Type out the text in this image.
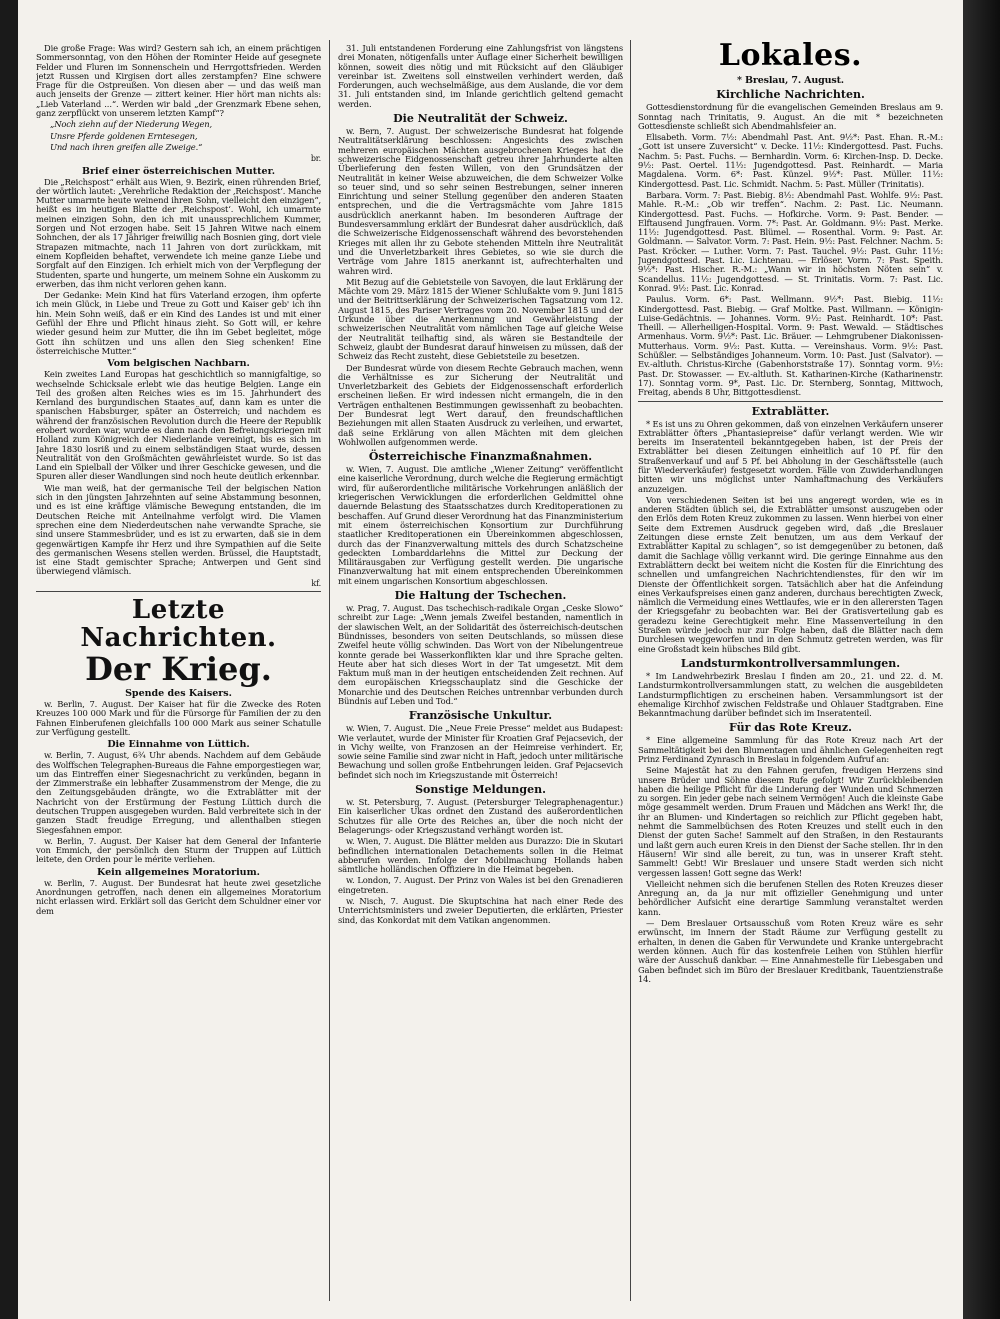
Die große Frage: Was wird? Gestern sah ich, an einem prächtigen Sommersonntag, von den Höhen der Rominter Heide auf gesegnete Felder und Fluren im Sonnenschein und Herrgottsfrieden. Werden jetzt Russen und Kirgisen dort alles zerstampfen? Eine schwere Frage für die Ostpreußen. Von diesen aber — und das weiß man auch jenseits der Grenze — zittert keiner. Hier hört man nichts als: „Lieb Vaterland ...“. Werden wir bald „der Grenzmark Ebene sehen, ganz zerpflückt von unserem letzten Kampf“?

„Noch ziehn auf der Niederung Wegen,

Unsre Pferde goldenen Erntesegen,

Und nach ihren greifen alle Zweige.“

br.

Brief einer österreichischen Mutter.

Die „Reichspost“ erhält aus Wien, 9. Bezirk, einen rührenden Brief, der wörtlich lautet: „Verehrliche Redaktion der ‚Reichspost‘. Manche Mutter umarmte heute weinend ihren Sohn, vielleicht den einzigen“, heißt es im heutigen Blatte der ‚Reichspost‘. Wohl, ich umarmte meinen einzigen Sohn, den ich mit unaussprechlichem Kummer, Sorgen und Not erzogen habe. Seit 15 Jahren Witwe nach einem Sohnchen, der als 17 Jähriger freiwillig nach Bosnien ging, dort viele Strapazen mitmachte, nach 11 Jahren von dort zurückkam, mit einem Kopfleiden behaftet, verwendete ich meine ganze Liebe und Sorgfalt auf den Einzigen. Ich erhielt mich von der Verpflegung der Studenten, sparte und hungerte, um meinem Sohne ein Auskomm zu erwerben, das ihm nicht verloren gehen kann.

Der Gedanke: Mein Kind hat fürs Vaterland erzogen, ihm opferte ich mein Glück, in Liebe und Treue zu Gott und Kaiser geb' ich ihn hin. Mein Sohn weiß, daß er ein Kind des Landes ist und mit einer Gefühl der Ehre und Pflicht hinaus zieht. So Gott will, er kehre wieder gesund heim zur Mutter, die ihn im Gebet begleitet, möge Gott ihn schützen und uns allen den Sieg schenken! Eine österreichische Mutter.“

Vom belgischen Nachbarn.

Kein zweites Land Europas hat geschichtlich so mannigfaltige, so wechselnde Schicksale erlebt wie das heutige Belgien. Lange ein Teil des großen alten Reiches wies es im 15. Jahrhundert des Kernland des burgundischen Staates auf, dann kam es unter die spanischen Habsburger, später an Österreich; und nachdem es während der französischen Revolution durch die Heere der Republik erobert worden war, wurde es dann nach den Befreiungskriegen mit Holland zum Königreich der Niederlande vereinigt, bis es sich im Jahre 1830 losriß und zu einem selbständigen Staat wurde, dessen Neutralität von den Großmächten gewährleistet wurde. So ist das Land ein Spielball der Völker und ihrer Geschicke gewesen, und die Spuren aller dieser Wandlungen sind noch heute deutlich erkennbar.

Wie man weiß, hat der germanische Teil der belgischen Nation sich in den jüngsten Jahrzehnten auf seine Abstammung besonnen, und es ist eine kräftige vlämische Bewegung entstanden, die im Deutschen Reiche mit Anteilnahme verfolgt wird. Die Vlamen sprechen eine dem Niederdeutschen nahe verwandte Sprache, sie sind unsere Stammesbrüder, und es ist zu erwarten, daß sie in dem gegenwärtigen Kampfe ihr Herz und ihre Sympathien auf die Seite des germanischen Wesens stellen werden. Brüssel, die Hauptstadt, ist eine Stadt gemischter Sprache; Antwerpen und Gent sind überwiegend vlämisch.

kf.

Letzte Nachrichten.
Der Krieg.
Spende des Kaisers.

w. Berlin, 7. August. Der Kaiser hat für die Zwecke des Roten Kreuzes 100 000 Mark und für die Fürsorge für Familien der zu den Fahnen Einberufenen gleichfalls 100 000 Mark aus seiner Schatulle zur Verfügung gestellt.

Die Einnahme von Lüttich.

w. Berlin, 7. August, 6¾ Uhr abends. Nachdem auf dem Gebäude des Wolffschen Telegraphen-Bureaus die Fahne emporgestiegen war, um das Eintreffen einer Siegesnachricht zu verkünden, begann in der Zimmerstraße ein lebhafter Zusammenstrom der Menge, die zu den Zeitungsgebäuden drängte, wo die Extrablätter mit der Nachricht von der Erstürmung der Festung Lüttich durch die deutschen Truppen ausgegeben wurden. Bald verbreitete sich in der ganzen Stadt freudige Erregung, und allenthalben stiegen Siegesfahnen empor.

w. Berlin, 7. August. Der Kaiser hat dem General der Infanterie von Emmich, der persönlich den Sturm der Truppen auf Lüttich leitete, den Orden pour le mérite verliehen.

Kein allgemeines Moratorium.

w. Berlin, 7. August. Der Bundesrat hat heute zwei gesetzliche Anordnungen getroffen, nach denen ein allgemeines Moratorium nicht erlassen wird. Erklärt soll das Gericht dem Schuldner einer vor dem

31. Juli entstandenen Forderung eine Zahlungsfrist von längstens drei Monaten, nötigenfalls unter Auflage einer Sicherheit bewilligen können, soweit dies nötig und mit Rücksicht auf den Gläubiger vereinbar ist. Zweitens soll einstweilen verhindert werden, daß Forderungen, auch wechselmäßige, aus dem Auslande, die vor dem 31. Juli entstanden sind, im Inlande gerichtlich geltend gemacht werden.

Die Neutralität der Schweiz.

w. Bern, 7. August. Der schweizerische Bundesrat hat folgende Neutralitätserklärung beschlossen: Angesichts des zwischen mehreren europäischen Mächten ausgebrochenen Krieges hat die schweizerische Eidgenossenschaft getreu ihrer Jahrhunderte alten Überlieferung den festen Willen, von den Grundsätzen der Neutralität in keiner Weise abzuweichen, die dem Schweizer Volke so teuer sind, und so sehr seinen Bestrebungen, seiner inneren Einrichtung und seiner Stellung gegenüber den anderen Staaten entsprechen, und die die Vertragsmächte vom Jahre 1815 ausdrücklich anerkannt haben. Im besonderen Auftrage der Bundesversammlung erklärt der Bundesrat daher ausdrücklich, daß die Schweizerische Eidgenossenschaft während des bevorstehenden Krieges mit allen ihr zu Gebote stehenden Mitteln ihre Neutralität und die Unverletzbarkeit ihres Gebietes, so wie sie durch die Verträge vom Jahre 1815 anerkannt ist, aufrechterhalten und wahren wird.

Mit Bezug auf die Gebietsteile von Savoyen, die laut Erklärung der Mächte vom 29. März 1815 der Wiener Schlußakte vom 9. Juni 1815 und der Beitrittserklärung der Schweizerischen Tagsatzung vom 12. August 1815, des Pariser Vertrages vom 20. November 1815 und der Urkunde über die Anerkennung und Gewährleistung der schweizerischen Neutralität vom nämlichen Tage auf gleiche Weise der Neutralität teilhaftig sind, als wären sie Bestandteile der Schweiz, glaubt der Bundesrat darauf hinweisen zu müssen, daß der Schweiz das Recht zusteht, diese Gebietsteile zu besetzen.

Der Bundesrat würde von diesem Rechte Gebrauch machen, wenn die Verhältnisse es zur Sicherung der Neutralität und Unverletzbarkeit des Gebiets der Eidgenossenschaft erforderlich erscheinen ließen. Er wird indessen nicht ermangeln, die in den Verträgen enthaltenen Bestimmungen gewissenhaft zu beobachten. Der Bundesrat legt Wert darauf, den freundschaftlichen Beziehungen mit allen Staaten Ausdruck zu verleihen, und erwartet, daß seine Erklärung von allen Mächten mit dem gleichen Wohlwollen aufgenommen werde.

Österreichische Finanzmaßnahmen.

w. Wien, 7. August. Die amtliche „Wiener Zeitung“ veröffentlicht eine kaiserliche Verordnung, durch welche die Regierung ermächtigt wird, für außerordentliche militärische Vorkehrungen anläßlich der kriegerischen Verwicklungen die erforderlichen Geldmittel ohne dauernde Belastung des Staatsschatzes durch Kreditoperationen zu beschaffen. Auf Grund dieser Verordnung hat das Finanzministerium mit einem österreichischen Konsortium zur Durchführung staatlicher Kreditoperationen ein Übereinkommen abgeschlossen, durch das der Finanzverwaltung mittels des durch Schatzscheine gedeckten Lombarddarlehns die Mittel zur Deckung der Militärausgaben zur Verfügung gestellt werden. Die ungarische Finanzverwaltung hat mit einem entsprechenden Übereinkommen mit einem ungarischen Konsortium abgeschlossen.

Die Haltung der Tschechen.

w. Prag, 7. August. Das tschechisch-radikale Organ „Ceske Slowo“ schreibt zur Lage: „Wenn jemals Zweifel bestanden, namentlich in der slawischen Welt, an der Solidarität des österreichisch-deutschen Bündnisses, besonders von seiten Deutschlands, so müssen diese Zweifel heute völlig schwinden. Das Wort von der Nibelungentreue konnte gerade bei Wasserkonflikten klar und ihre Sprache gelten. Heute aber hat sich dieses Wort in der Tat umgesetzt. Mit dem Faktum muß man in der heutigen entscheidenden Zeit rechnen. Auf dem europäischen Kriegsschauplatz sind die Geschicke der Monarchie und des Deutschen Reiches untrennbar verbunden durch Bündnis auf Leben und Tod.“

Französische Unkultur.

w. Wien, 7. August. Die „Neue Freie Presse“ meldet aus Budapest: Wie verlautet, wurde der Minister für Kroatien Graf Pejacsevich, der in Vichy weilte, von Franzosen an der Heimreise verhindert. Er, sowie seine Familie sind zwar nicht in Haft, jedoch unter militärische Bewachung und sollen große Entbehrungen leiden. Graf Pejacsevich befindet sich noch im Kriegszustande mit Österreich!

Sonstige Meldungen.

w. St. Petersburg, 7. August. (Petersburger Telegraphenagentur.) Ein kaiserlicher Ukas ordnet den Zustand des außerordentlichen Schutzes für alle Orte des Reiches an, über die noch nicht der Belagerungs- oder Kriegszustand verhängt worden ist.

w. Wien, 7. August. Die Blätter melden aus Durazzo: Die in Skutari befindlichen internationalen Detachements sollen in die Heimat abberufen werden. Infolge der Mobilmachung Hollands haben sämtliche holländischen Offiziere in die Heimat begeben.

w. London, 7. August. Der Prinz von Wales ist bei den Grenadieren eingetreten.

w. Nisch, 7. August. Die Skuptschina hat nach einer Rede des Unterrichtsministers und zweier Deputierten, die erklärten, Priester sind, das Konkordat mit dem Vatikan angenommen.

Lokales.

* Breslau, 7. August.

Kirchliche Nachrichten.

Gottesdienstordnung für die evangelischen Gemeinden Breslaus am 9. Sonntag nach Trinitatis, 9. August. An die mit * bezeichneten Gottesdienste schließt sich Abendmahlsfeier an.

Elisabeth. Vorm. 7½: Abendmahl Past. Ant. 9½*: Past. Ehan. R.-M.: „Gott ist unsere Zuversicht“ v. Decke. 11½: Kindergottesd. Past. Fuchs. Nachm. 5: Past. Fuchs. — Bernhardin. Vorm. 6: Kirchen-Insp. D. Decke. 9½: Past. Oertel. 11½: Jugendgottesd. Past. Reinhardt. — Maria Magdalena. Vorm. 6*: Past. Künzel. 9½*: Past. Müller. 11½: Kindergottesd. Past. Lic. Schmidt. Nachm. 5: Past. Müller (Trinitatis).

Barbara. Vorm. 7: Past. Biebig. 8½: Abendmahl Past. Wohlfe. 9½: Past. Mahle. R.-M.: „Ob wir treffen“. Nachm. 2: Past. Lic. Neumann. Kindergottesd. Past. Fuchs. — Hofkirche. Vorm. 9: Past. Bender. — Elftausend Jungfrauen. Vorm. 7*: Past. Ar. Goldmann. 9½: Past. Merke. 11½: Jugendgottesd. Past. Blümel. — Rosenthal. Vorm. 9: Past. Ar. Goldmann. — Salvator. Vorm. 7: Past. Hein. 9½: Past. Felchner. Nachm. 5: Past. Kröcker. — Luther. Vorm. 7: Past. Tauchel. 9½: Past. Guhr. 11½: Jugendgottesd. Past. Lic. Lichtenau. — Erlöser. Vorm. 7: Past. Speith. 9½*: Past. Hischer. R.-M.: „Wann wir in höchsten Nöten sein“ v. Scandellus. 11½: Jugendgottesd. — St. Trinitatis. Vorm. 7: Past. Lic. Konrad. 9½: Past. Lic. Konrad.

Paulus. Vorm. 6*: Past. Wellmann. 9½*: Past. Biebig. 11½: Kindergottesd. Past. Biebig. — Graf Moltke. Past. Willmann. — Königin-Luise-Gedächtnis. — Johannes. Vorm. 9½: Past. Reinhardt. 10*: Past. Theill. — Allerheiligen-Hospital. Vorm. 9: Past. Wewald. — Städtisches Armenhaus. Vorm. 9½*: Past. Lic. Bräuer. — Lehmgrubener Diakonissen-Mutterhaus. Vorm. 9½: Past. Kutta. — Vereinshaus. Vorm. 9½: Past. Schüßler. — Selbständiges Johanneum. Vorm. 10: Past. Just (Salvator). — Ev.-altluth. Christus-Kirche (Gabenhorststraße 17). Sonntag vorm. 9½: Past. Dr. Stowasser. — Ev.-altluth. St. Katharinen-Kirche (Katharinenstr. 17). Sonntag vorm. 9*, Past. Lic. Dr. Sternberg, Sonntag, Mittwoch, Freitag, abends 8 Uhr, Bittgottesdienst.

Extrablätter.

* Es ist uns zu Ohren gekommen, daß von einzelnen Verkäufern unserer Extrablätter öfters „Phantasiepreise“ dafür verlangt werden. Wie wir bereits im Inseratenteil bekanntgegeben haben, ist der Preis der Extrablätter bei diesen Zeitungen einheitlich auf 10 Pf. für den Straßenverkauf und auf 5 Pf. bei Abholung in der Geschäftsstelle (auch für Wiederverkäufer) festgesetzt worden. Fälle von Zuwiderhandlungen bitten wir uns möglichst unter Namhaftmachung des Verkäufers anzuzeigen.

Von verschiedenen Seiten ist bei uns angeregt worden, wie es in anderen Städten üblich sei, die Extrablätter umsonst auszugeben oder den Erlös dem Roten Kreuz zukommen zu lassen. Wenn hierbei von einer Seite dem Extremen Ausdruck gegeben wird, daß „die Breslauer Zeitungen diese ernste Zeit benutzen, um aus dem Verkauf der Extrablätter Kapital zu schlagen“, so ist demgegenüber zu betonen, daß damit die Sachlage völlig verkannt wird. Die geringe Einnahme aus den Extrablättern deckt bei weitem nicht die Kosten für die Einrichtung des schnellen und umfangreichen Nachrichtendienstes, für den wir im Dienste der Öffentlichkeit sorgen. Tatsächlich aber hat die Anfeindung eines Verkaufspreises einen ganz anderen, durchaus berechtigten Zweck, nämlich die Vermeidung eines Wettlaufes, wie er in den allerersten Tagen der Kriegsgefahr zu beobachten war. Bei der Gratisverteilung gab es geradezu keine Gerechtigkeit mehr. Eine Massenverteilung in den Straßen würde jedoch nur zur Folge haben, daß die Blätter nach dem Durchlesen weggeworfen und in den Schmutz getreten werden, was für eine Großstadt kein hübsches Bild gibt.

Landsturmkontrollversammlungen.

* Im Landwehrbezirk Breslau I finden am 20., 21. und 22. d. M. Landsturmkontrollversammlungen statt, zu welchen die ausgebildeten Landsturmpflichtigen zu erscheinen haben. Versammlungsort ist der ehemalige Kirchhof zwischen Feldstraße und Ohlauer Stadtgraben. Eine Bekanntmachung darüber befindet sich im Inseratenteil.

Für das Rote Kreuz.

* Eine allgemeine Sammlung für das Rote Kreuz nach Art der Sammeltätigkeit bei den Blumentagen und ähnlichen Gelegenheiten regt Prinz Ferdinand Zynrasch in Breslau in folgendem Aufruf an:

Seine Majestät hat zu den Fahnen gerufen, freudigen Herzens sind unsere Brüder und Söhne diesem Rufe gefolgt! Wir Zurückbleibenden haben die heilige Pflicht für die Linderung der Wunden und Schmerzen zu sorgen. Ein jeder gebe nach seinem Vermögen! Auch die kleinste Gabe möge gesammelt werden. Drum Frauen und Mädchen ans Werk! Ihr, die ihr an Blumen- und Kindertagen so reichlich zur Pflicht gegeben habt, nehmt die Sammelbüchsen des Roten Kreuzes und stellt euch in den Dienst der guten Sache! Sammelt auf den Straßen, in den Restaurants und laßt gern auch euren Kreis in den Dienst der Sache stellen. Ihr in den Häusern! Wir sind alle bereit, zu tun, was in unserer Kraft steht. Sammelt! Gebt! Wir Breslauer und unsere Stadt werden sich nicht vergessen lassen! Gott segne das Werk!

Vielleicht nehmen sich die berufenen Stellen des Roten Kreuzes dieser Anregung an, da ja nur mit offizieller Genehmigung und unter behördlicher Aufsicht eine derartige Sammlung veranstaltet werden kann.

— Dem Breslauer Ortsausschuß vom Roten Kreuz wäre es sehr erwünscht, im Innern der Stadt Räume zur Verfügung gestellt zu erhalten, in denen die Gaben für Verwundete und Kranke untergebracht werden können. Auch für das kostenfreie Leihen von Stühlen hierfür wäre der Ausschuß dankbar. — Eine Annahmestelle für Liebesgaben und Gaben befindet sich im Büro der Breslauer Kreditbank, Tauentzienstraße 14.
